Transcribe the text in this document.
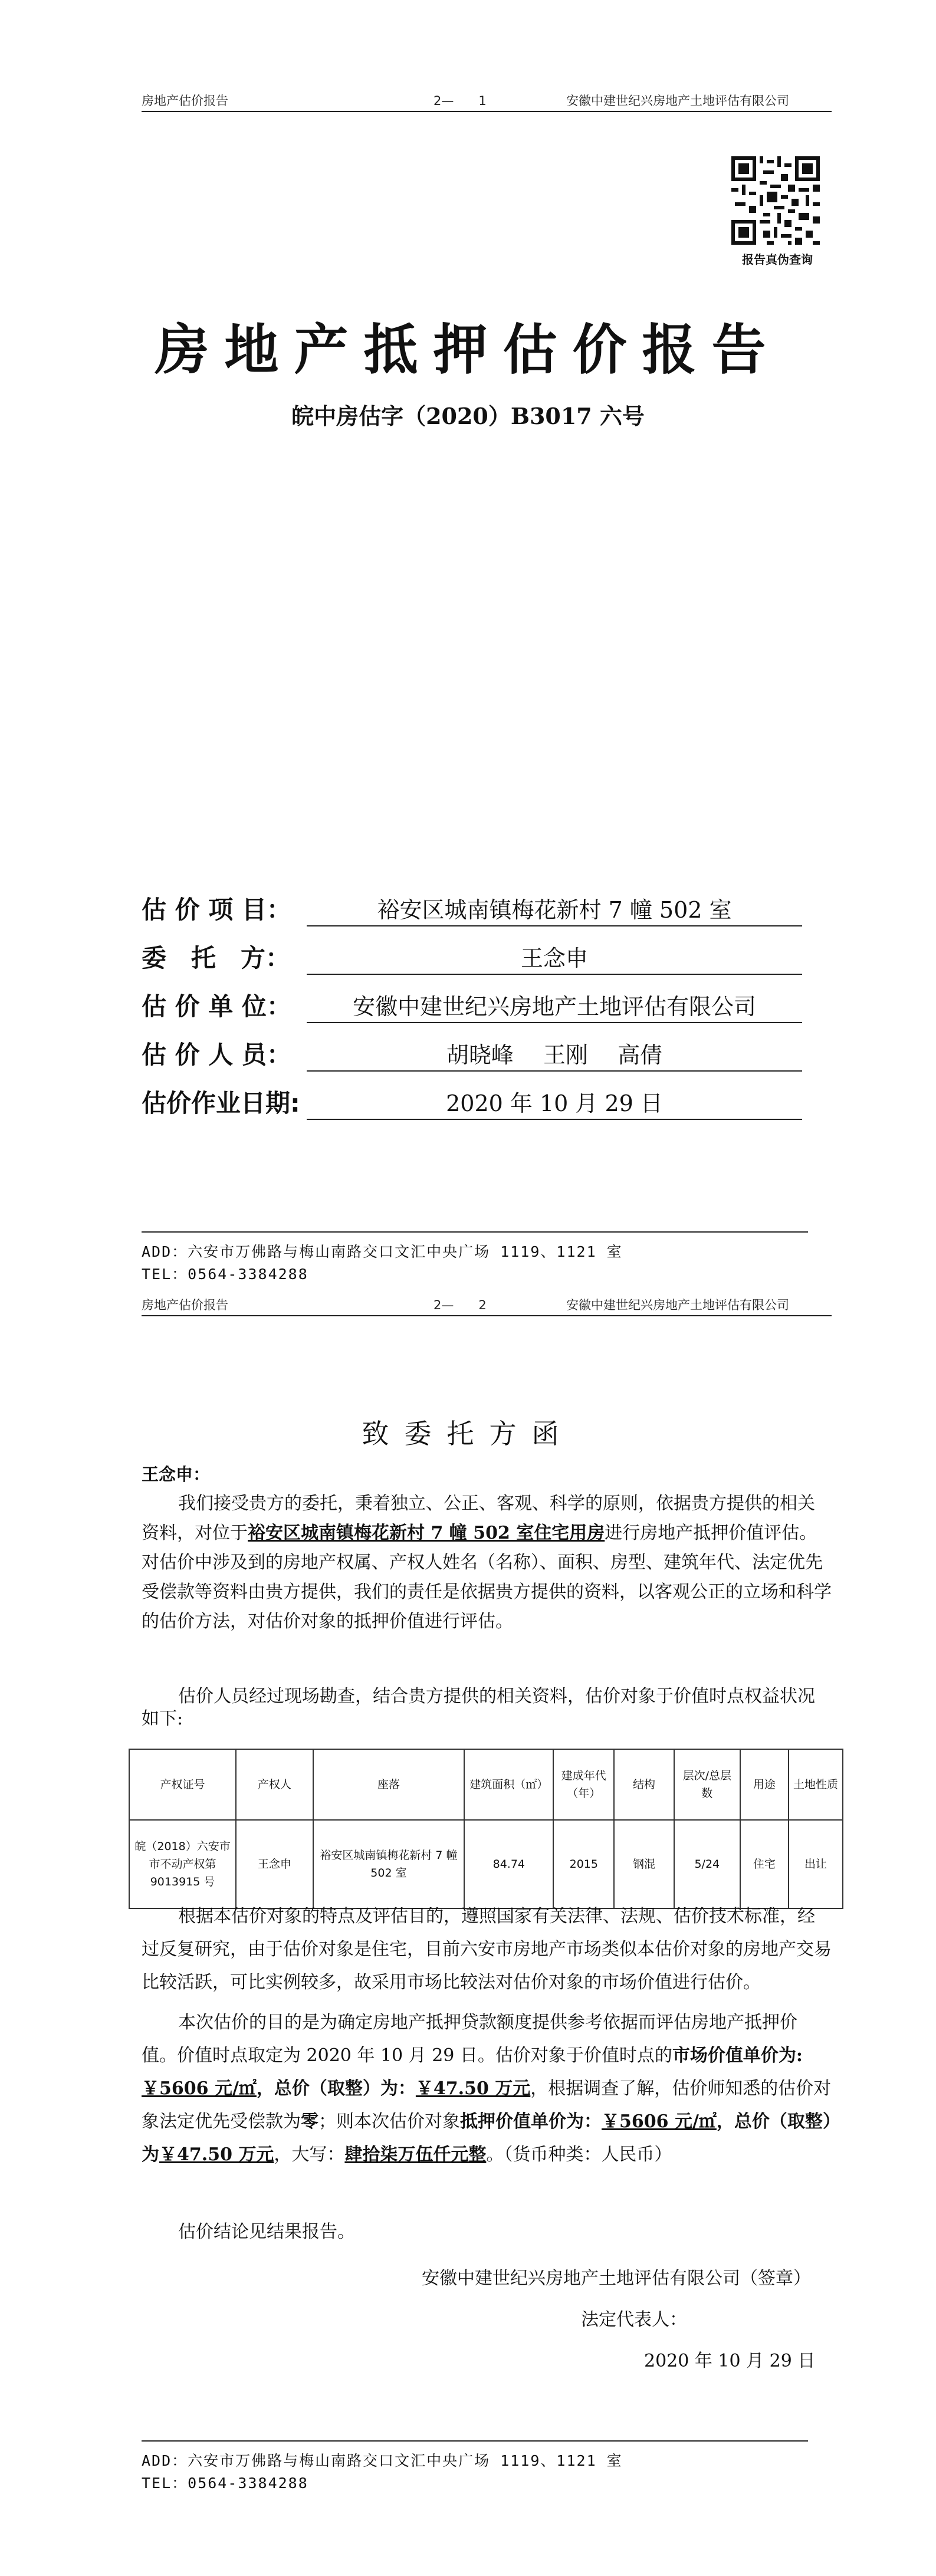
房地产估价报告	2—　　1	安徽中建世纪兴房地产土地评估有限公司
报告真伪查询
房地产抵押估价报告
皖中房估字（2020）B3017 六号
估 价 项 目：	裕安区城南镇梅花新村 7 幢 502 室
委　托　方：	王念申
估 价 单 位：	安徽中建世纪兴房地产土地评估有限公司
估 价 人 员：	胡晓峰　 王刚　 高倩
估价作业日期:	2020 年 10 月 29 日
ADD：六安市万佛路与梅山南路交口文汇中央广场 1119、1121 室
TEL：0564-3384288
房地产估价报告	2—　　2	安徽中建世纪兴房地产土地评估有限公司
致委托方函
王念申：
我们接受贵方的委托，秉着独立、公正、客观、科学的原则，依据贵方提供的相关资料，对位于裕安区城南镇梅花新村 7 幢 502 室住宅用房进行房地产抵押价值评估。对估价中涉及到的房地产权属、产权人姓名（名称）、面积、房型、建筑年代、法定优先受偿款等资料由贵方提供，我们的责任是依据贵方提供的资料，以客观公正的立场和科学的估价方法，对估价对象的抵押价值进行评估。
估价人员经过现场勘查，结合贵方提供的相关资料，估价对象于价值时点权益状况如下:
产权证号	产权人	座落	建筑面积（㎡）	建成年代（年）	结构	层次/总层数	用途	土地性质
皖（2018）六安市市不动产权第 9013915 号	王念申	裕安区城南镇梅花新村 7 幢 502 室	84.74	2015	钢混	5/24	住宅	出让
根据本估价对象的特点及评估目的，遵照国家有关法律、法规、估价技术标准，经过反复研究，由于估价对象是住宅，目前六安市房地产市场类似本估价对象的房地产交易比较活跃，可比实例较多，故采用市场比较法对估价对象的市场价值进行估价。
本次估价的目的是为确定房地产抵押贷款额度提供参考依据而评估房地产抵押价值。价值时点取定为 2020 年 10 月 29 日。估价对象于价值时点的市场价值单价为:￥5606 元/㎡，总价（取整）为：￥47.50 万元，根据调查了解，估价师知悉的估价对象法定优先受偿款为零；则本次估价对象抵押价值单价为：￥5606 元/㎡，总价（取整）为￥47.50 万元，大写：肆拾柒万伍仟元整。（货币种类：人民币）
估价结论见结果报告。
安徽中建世纪兴房地产土地评估有限公司（签章）
法定代表人：
2020 年 10 月 29 日
ADD：六安市万佛路与梅山南路交口文汇中央广场 1119、1121 室
TEL：0564-3384288
